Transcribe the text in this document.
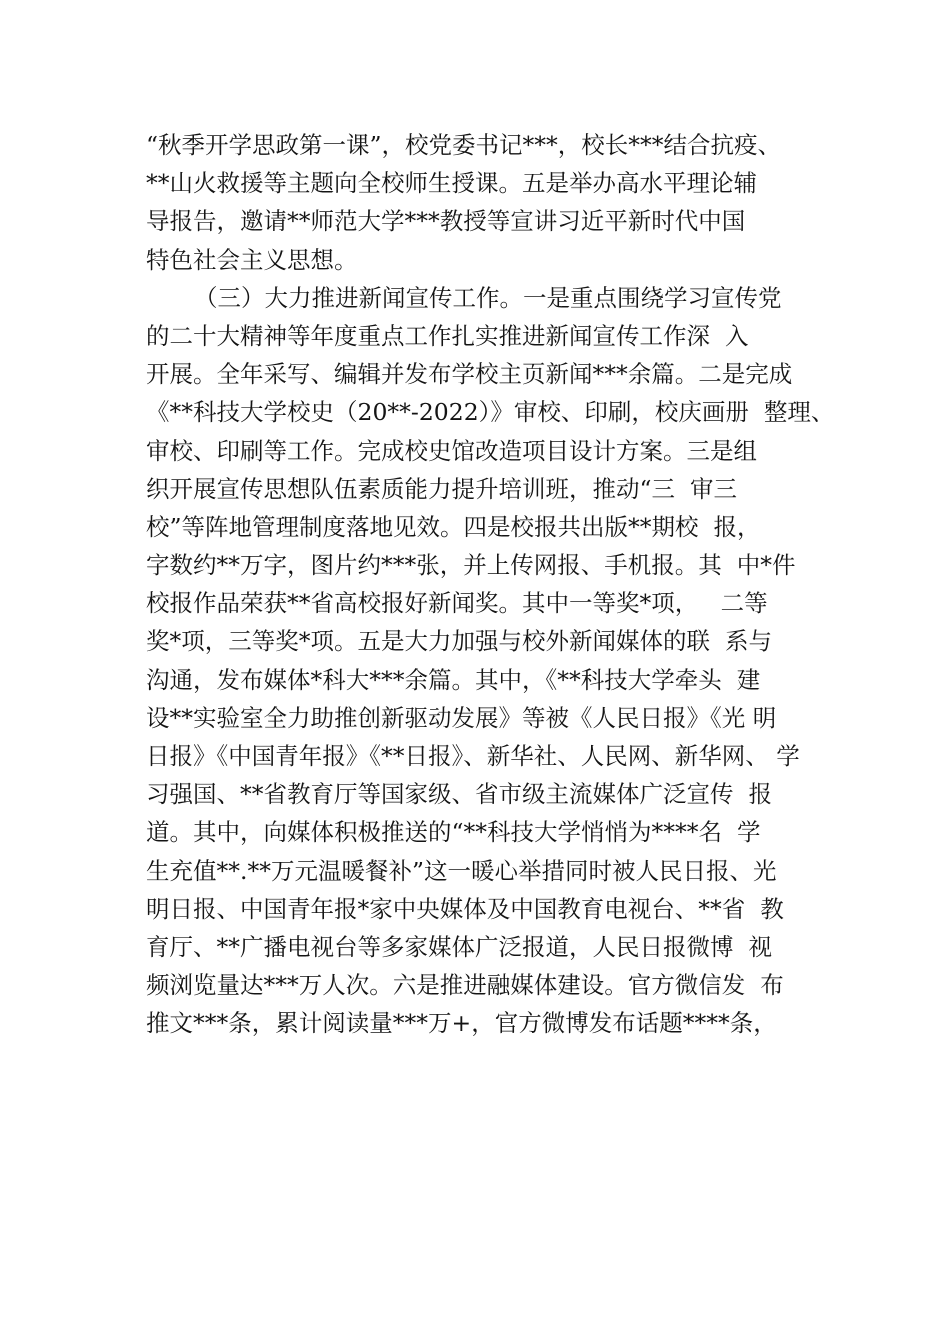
“秋季开学思政第一课”，校党委书记***，校长***结合抗疫、
**山火救援等主题向全校师生授课。五是举办高水平理论辅
导报告，邀请**师范大学***教授等宣讲习近平新时代中国
特色社会主义思想。
（三）大力推进新闻宣传工作。一是重点围绕学习宣传党
的二十大精神等年度重点工作扎实推进新闻宣传工作深  入
开展。全年采写、编辑并发布学校主页新闻***余篇。二是完成
《**科技大学校史（20**-2022）》审校、印刷，校庆画册  整理、
审校、印刷等工作。完成校史馆改造项目设计方案。三是组
织开展宣传思想队伍素质能力提升培训班，推动“三  审三
校”等阵地管理制度落地见效。四是校报共出版**期校  报，
字数约**万字，图片约***张，并上传网报、手机报。其  中*件
校报作品荣获**省高校报好新闻奖。其中一等奖*项，   二等
奖*项，三等奖*项。五是大力加强与校外新闻媒体的联  系与
沟通，发布媒体*科大***余篇。其中，《**科技大学牵头  建
设**实验室全力助推创新驱动发展》等被《人民日报》《光 明
日报》《中国青年报》《**日报》、新华社、人民网、新华网、 学
习强国、**省教育厅等国家级、省市级主流媒体广泛宣传  报
道。其中，向媒体积极推送的“**科技大学悄悄为****名  学
生充值**.**万元温暖餐补”这一暖心举措同时被人民日报、光
明日报、中国青年报*家中央媒体及中国教育电视台、**省  教
育厅、**广播电视台等多家媒体广泛报道，人民日报微博  视
频浏览量达***万人次。六是推进融媒体建设。官方微信发  布
推文***条，累计阅读量***万+，官方微博发布话题****条，
